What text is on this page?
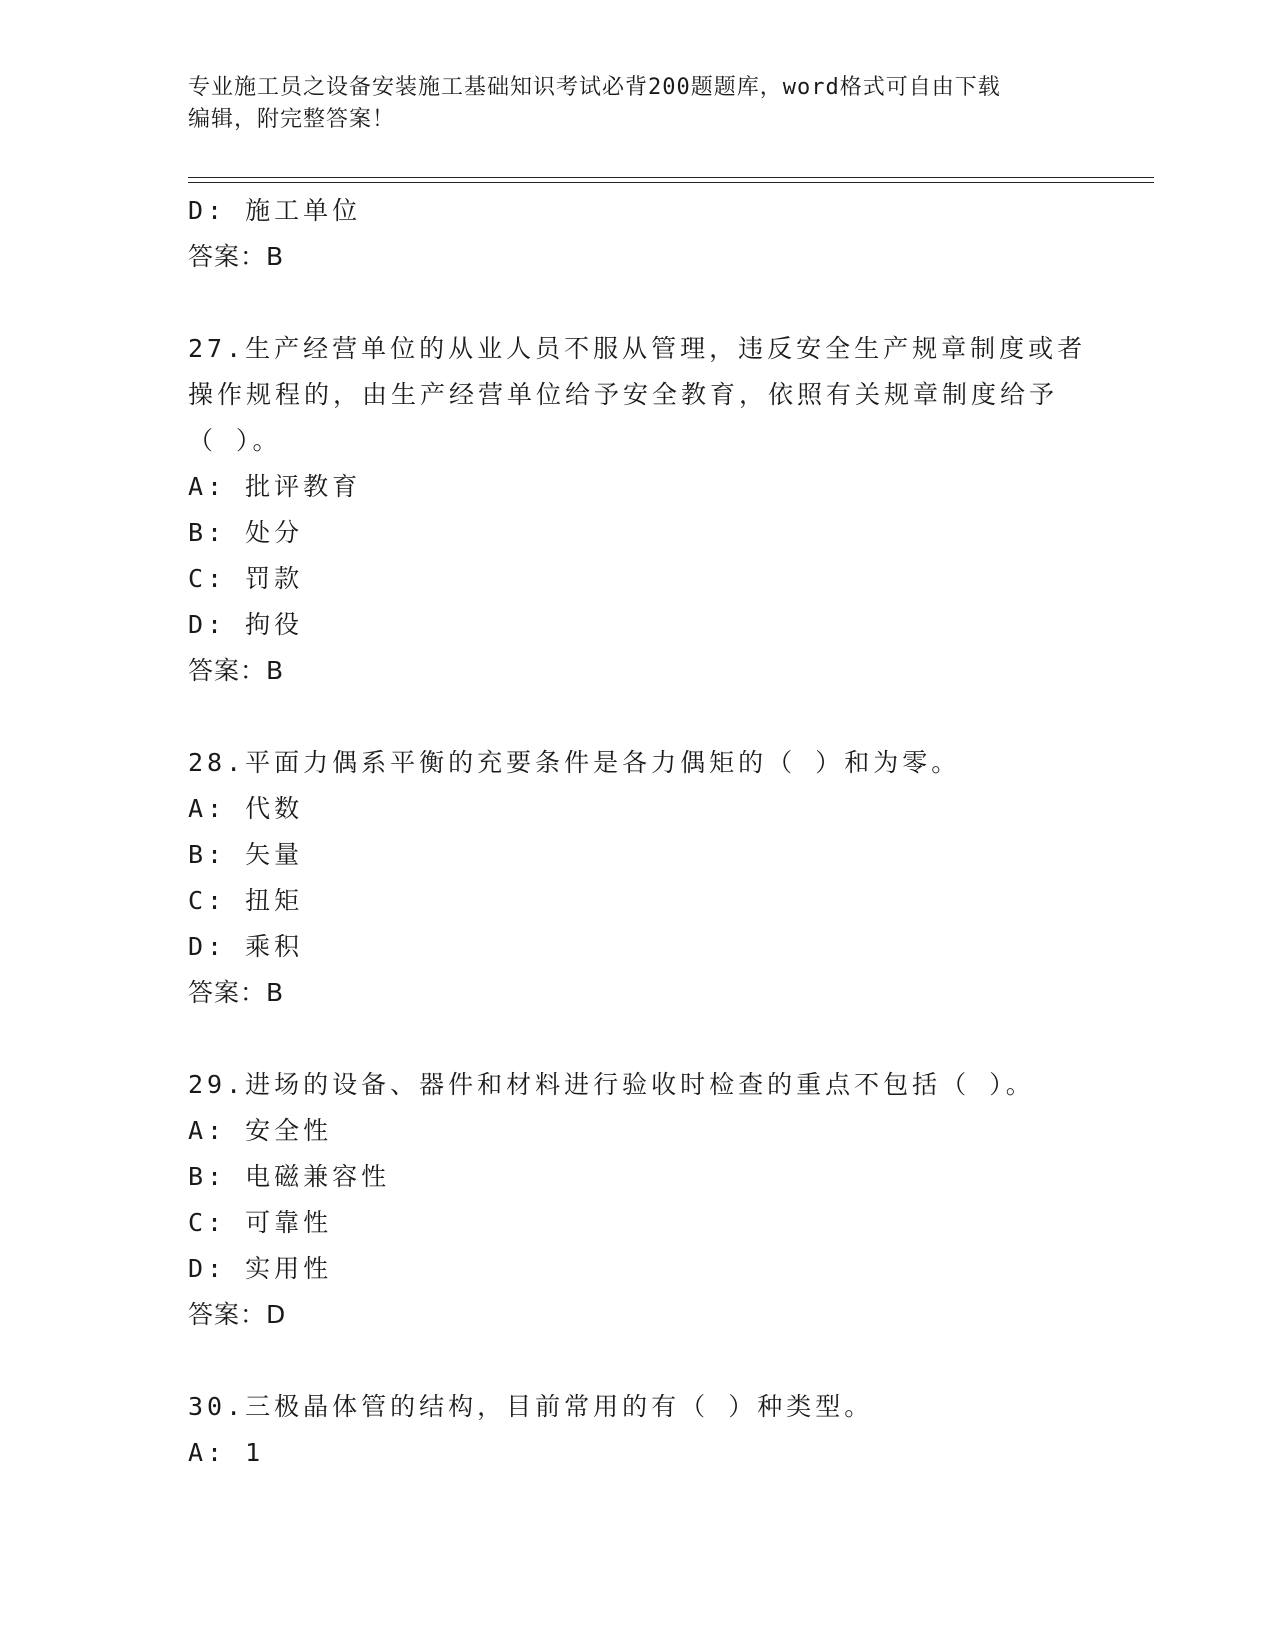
专业施工员之设备安装施工基础知识考试必背200题题库，word格式可自由下载
编辑，附完整答案！
D: 施工单位
答案：B
27.生产经营单位的从业人员不服从管理，违反安全生产规章制度或者
操作规程的，由生产经营单位给予安全教育，依照有关规章制度给予
（ ）。
A: 批评教育
B: 处分
C: 罚款
D: 拘役
答案：B
28.平面力偶系平衡的充要条件是各力偶矩的（ ）和为零。
A: 代数
B: 矢量
C: 扭矩
D: 乘积
答案：B
29.进场的设备、器件和材料进行验收时检查的重点不包括（ ）。
A: 安全性
B: 电磁兼容性
C: 可靠性
D: 实用性
答案：D
30.三极晶体管的结构，目前常用的有（ ）种类型。
A: 1
